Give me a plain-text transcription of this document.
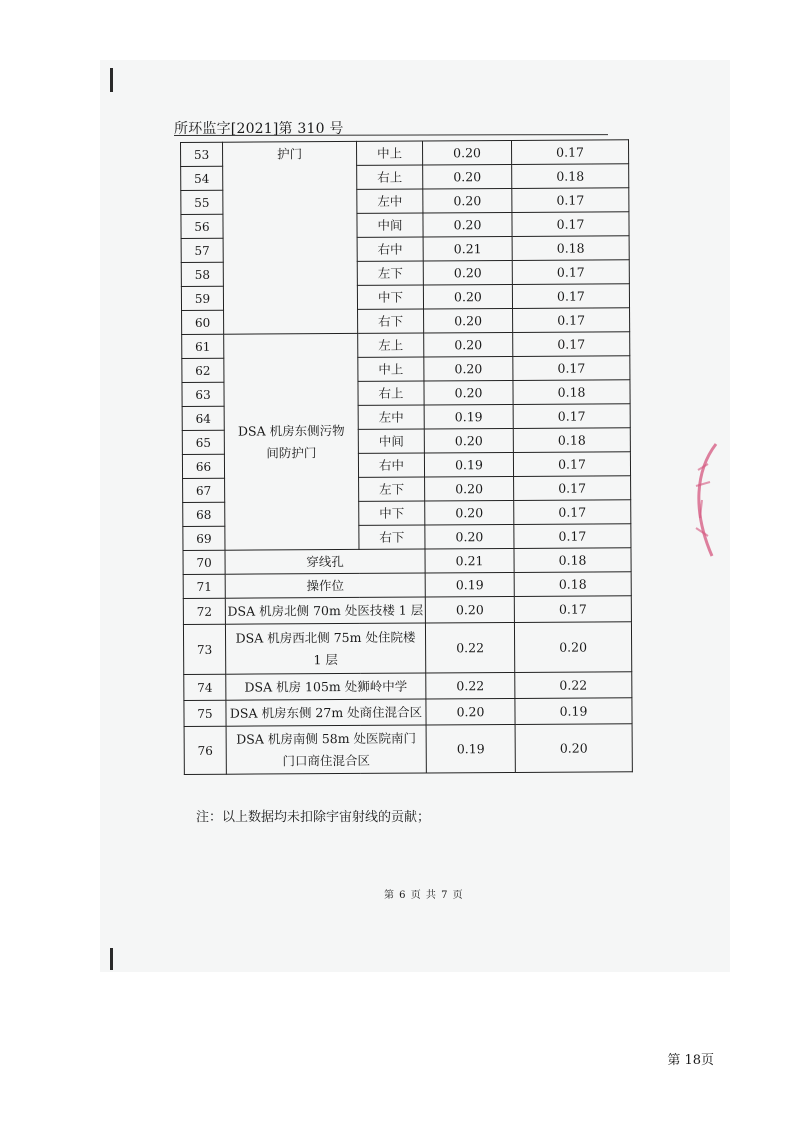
所环监字[2021]第 310 号
53	护门	中上	0.20	0.17
54		右上	0.20	0.18
55		左中	0.20	0.17
56		中间	0.20	0.17
57		右中	0.21	0.18
58		左下	0.20	0.17
59		中下	0.20	0.17
60		右下	0.20	0.17
61	DSA 机房东侧污物间防护门	左上	0.20	0.17
62		中上	0.20	0.17
63		右上	0.20	0.18
64		左中	0.19	0.17
65		中间	0.20	0.18
66		右中	0.19	0.17
67		左下	0.20	0.17
68		中下	0.20	0.17
69		右下	0.20	0.17
70	穿线孔		0.21	0.18
71	操作位		0.19	0.18
72	DSA 机房北侧 70m 处医技楼 1 层		0.20	0.17
73	DSA 机房西北侧 75m 处住院楼 1 层		0.22	0.20
74	DSA 机房 105m 处狮岭中学		0.22	0.22
75	DSA 机房东侧 27m 处商住混合区		0.20	0.19
76	DSA 机房南侧 58m 处医院南门门口商住混合区		0.19	0.20
注：以上数据均未扣除宇宙射线的贡献；
第 6 页 共 7 页
第 18页
